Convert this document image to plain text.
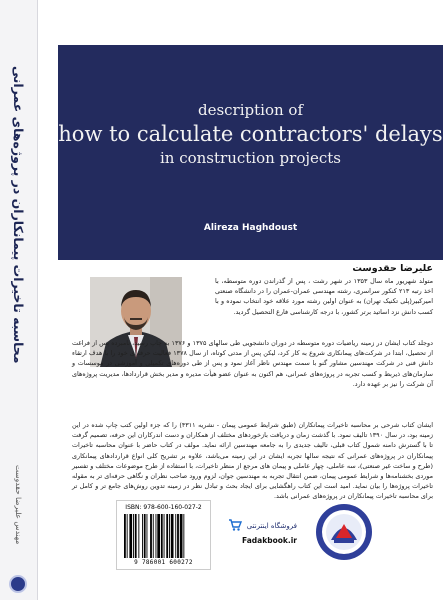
محاسبه تاخیرات پیمانکاران در پروژه‌های عمرانی
مهندس علیرضا حقدوست
description of
how to calculate contractors' delays
in construction projects
Alireza Haghdoust
علیرضا حقدوست
متولد شهریور ماه سال ۱۳۵۳ در شهر رشت ، پس از گذراندن دوره متوسطه، با اخذ رتبه ۲۱۳ کنکور سراسری، رشته مهندسی عمران-عمران را در دانشگاه صنعتی امیرکبیر(پلی تکنیک تهران) به عنوان اولین رشته مورد علاقه خود انتخاب نموده و با کسب دانش نزد اساتید برتر کشور، با درجه کارشناسی فارغ التحصیل گردید.
دوجلد کتاب ایشان در زمینه ریاضیات دوره متوسطه در دوران دانشجویی طی سالهای ۱۳۷۵ و ۱۳۷۶ به چاپ رسید، نامبرده پس از فراغت از تحصیل، ابتدا در شرکت‌های پیمانکاری شروع به کار کرد، لیکن پس از مدتی کوتاه، از سال ۱۳۷۸ فعالیت حرفه‌ای خود را با هدف ارتقاء دانش فنی در شرکت مهندسین مشاور گنو با سمت مهندس ناظر آغاز نمود و پس از طی دوره‌های تکمیلی و آموزشی در موسسات و سازمان‌های ذیربط و کسب تجربه در پروژه‌های عمرانی، هم اکنون به عنوان عضو هیأت مدیره و مدیر بخش قراردادها، مدیریت پروژه‌های آن شرکت را نیز بر عهده دارد.
ایشان کتاب شرحی بر محاسبه تاخیرات پیمانکاران (طبق شرایط عمومی پیمان - نشریه ۴۳۱۱) را که جزء اولین کتب چاپ شده در این زمینه بود، در سال ۱۳۹۰ تالیف نمود. با گذشت زمان و دریافت بازخوردهای مختلف از همکاران و دست اندرکاران این حرفه، تصمیم گرفت تا با گسترش دامنه شمول کتاب قبلی، تالیف جدیدی را به جامعه مهندسین ارائه نماید. مولف در کتاب حاضر با عنوان محاسبه تاخیرات پیمانکاران در پروژه‌های عمرانی که نتیجه سالها تجربه ایشان در این زمینه می‌باشد، علاوه بر تشریح کلی انواع قراردادهای پیمانکاری (طرح و ساخت غیر صنعتی)، سه عاملی، چهار عاملی و پیمان های مرجع از منظر تاخیرات، با استفاده از طرح موضوعات مختلف و تفسیر موردی بخشنامه‌ها و شرایط عمومی پیمان، ضمن انتقال تجربه به مهندسین جوان، لزوم ورود صاحب نظران و نگاهی حرفه‌ای تر به مقوله تاخیرات پروژه‌ها را بیان نماید. امید است این کتاب راهگشایی برای ایجاد بحث و تبادل نظر در زمینه تدوین روش‌های جامع تر و کامل تر برای محاسبه تاخیرات پیمانکاران در پروژه‌های عمرانی باشد.
ISBN: 978-600-160-027-2
9 786001 600272
فروشگاه اینترنتی
Fadakbook.ir
